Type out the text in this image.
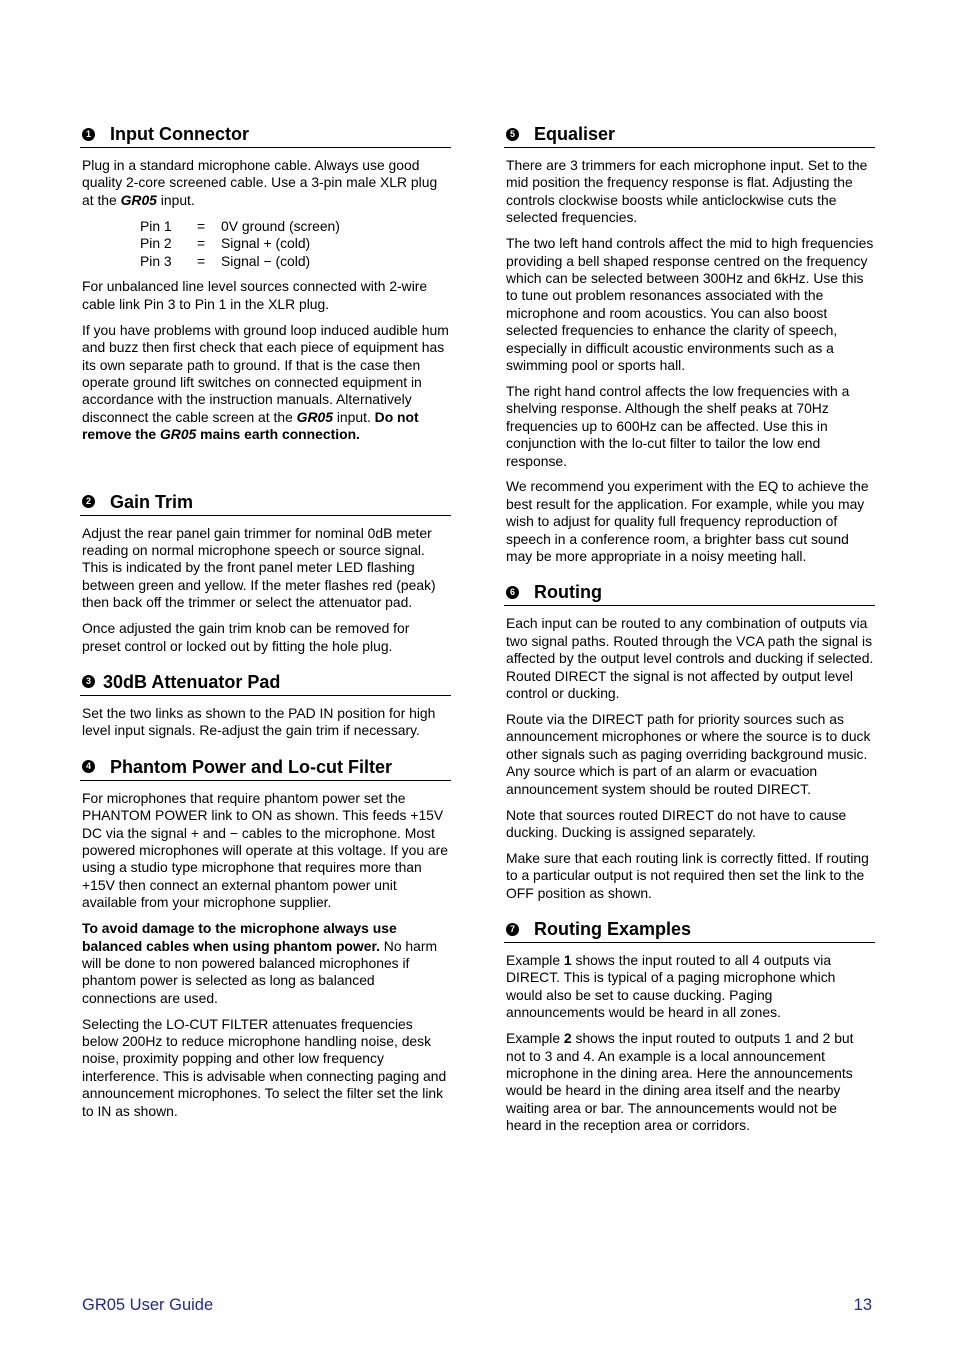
1 Input Connector

Plug in a standard microphone cable. Always use good quality 2-core screened cable. Use a 3-pin male XLR plug at the GR05 input.

Pin 1	=	0V ground (screen)
Pin 2	=	Signal + (cold)
Pin 3	=	Signal − (cold)

For unbalanced line level sources connected with 2-wire cable link Pin 3 to Pin 1 in the XLR plug.

If you have problems with ground loop induced audible hum and buzz then first check that each piece of equipment has its own separate path to ground. If that is the case then operate ground lift switches on connected equipment in accordance with the instruction manuals. Alternatively disconnect the cable screen at the GR05 input. Do not remove the GR05 mains earth connection.

2 Gain Trim

Adjust the rear panel gain trimmer for nominal 0dB meter reading on normal microphone speech or source signal. This is indicated by the front panel meter LED flashing between green and yellow. If the meter flashes red (peak) then back off the trimmer or select the attenuator pad.

Once adjusted the gain trim knob can be removed for preset control or locked out by fitting the hole plug.

3 30dB Attenuator Pad

Set the two links as shown to the PAD IN position for high level input signals. Re-adjust the gain trim if necessary.

4 Phantom Power and Lo-cut Filter

For microphones that require phantom power set the PHANTOM POWER link to ON as shown. This feeds +15V DC via the signal + and − cables to the microphone. Most powered microphones will operate at this voltage. If you are using a studio type microphone that requires more than +15V then connect an external phantom power unit available from your microphone supplier.

To avoid damage to the microphone always use balanced cables when using phantom power. No harm will be done to non powered balanced microphones if phantom power is selected as long as balanced connections are used.

Selecting the LO-CUT FILTER attenuates frequencies below 200Hz to reduce microphone handling noise, desk noise, proximity popping and other low frequency interference. This is advisable when connecting paging and announcement microphones. To select the filter set the link to IN as shown.

5 Equaliser

There are 3 trimmers for each microphone input. Set to the mid position the frequency response is flat. Adjusting the controls clockwise boosts while anticlockwise cuts the selected frequencies.

The two left hand controls affect the mid to high frequencies providing a bell shaped response centred on the frequency which can be selected between 300Hz and 6kHz. Use this to tune out problem resonances associated with the microphone and room acoustics. You can also boost selected frequencies to enhance the clarity of speech, especially in difficult acoustic environments such as a swimming pool or sports hall.

The right hand control affects the low frequencies with a shelving response. Although the shelf peaks at 70Hz frequencies up to 600Hz can be affected. Use this in conjunction with the lo-cut filter to tailor the low end response.

We recommend you experiment with the EQ to achieve the best result for the application. For example, while you may wish to adjust for quality full frequency reproduction of speech in a conference room, a brighter bass cut sound may be more appropriate in a noisy meeting hall.

6 Routing

Each input can be routed to any combination of outputs via two signal paths. Routed through the VCA path the signal is affected by the output level controls and ducking if selected. Routed DIRECT the signal is not affected by output level control or ducking.

Route via the DIRECT path for priority sources such as announcement microphones or where the source is to duck other signals such as paging overriding background music. Any source which is part of an alarm or evacuation announcement system should be routed DIRECT.

Note that sources routed DIRECT do not have to cause ducking. Ducking is assigned separately.

Make sure that each routing link is correctly fitted. If routing to a particular output is not required then set the link to the OFF position as shown.

7 Routing Examples

Example 1 shows the input routed to all 4 outputs via DIRECT. This is typical of a paging microphone which would also be set to cause ducking. Paging announcements would be heard in all zones.

Example 2 shows the input routed to outputs 1 and 2 but not to 3 and 4. An example is a local announcement microphone in the dining area. Here the announcements would be heard in the dining area itself and the nearby waiting area or bar. The announcements would not be heard in the reception area or corridors.

GR05 User Guide	13
